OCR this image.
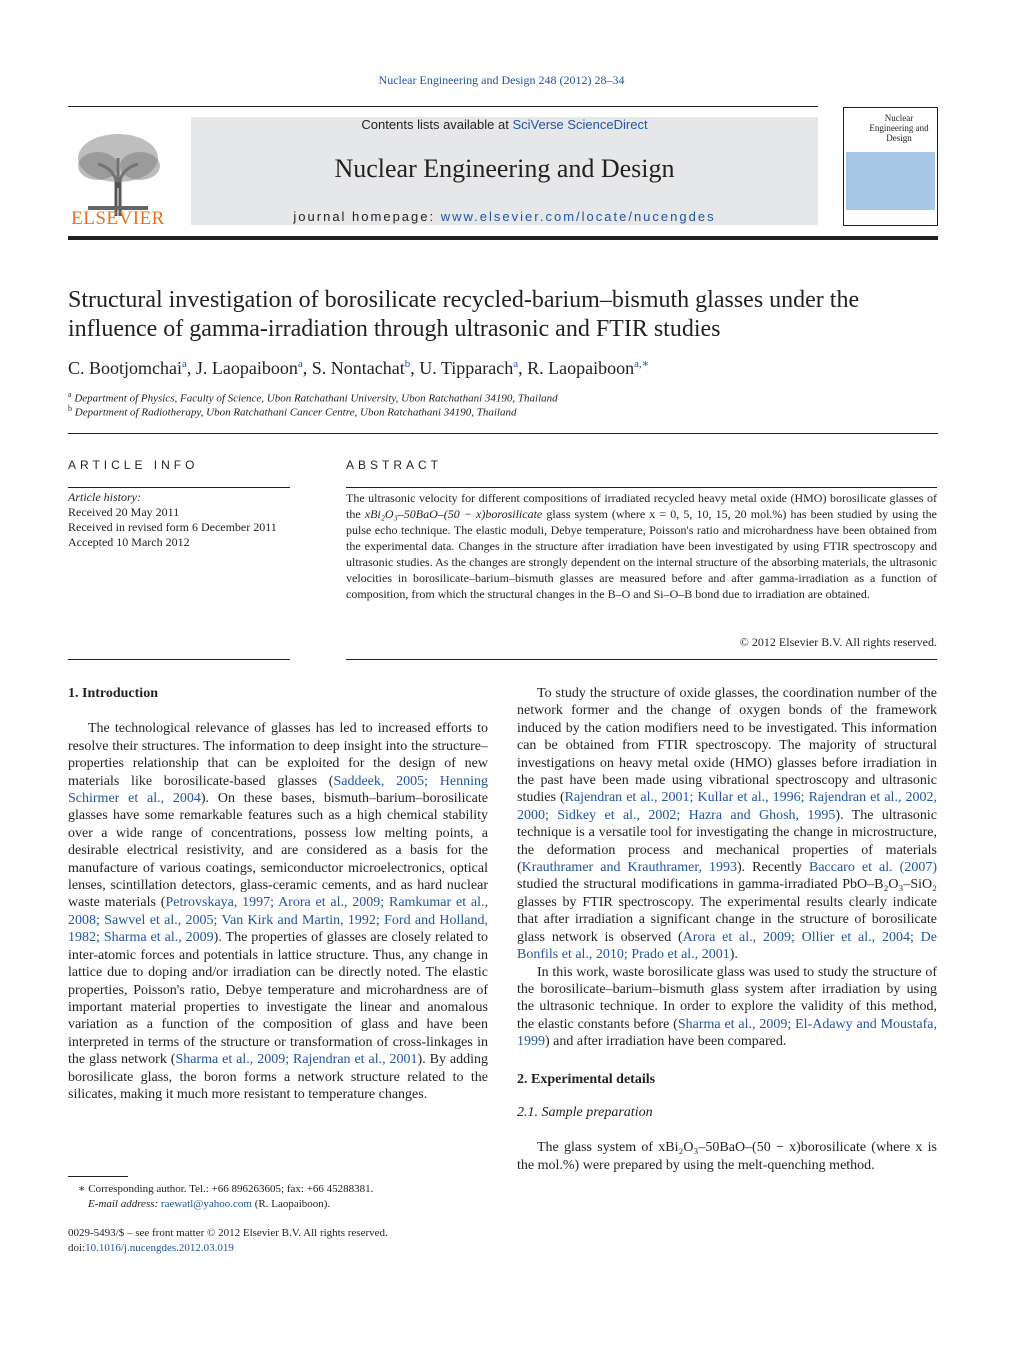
Nuclear Engineering and Design 248 (2012) 28–34
ELSEVIER
Contents lists available at SciVerse ScienceDirect
Nuclear Engineering and Design
journal homepage: www.elsevier.com/locate/nucengdes
Nuclear Engineering and Design
Structural investigation of borosilicate recycled-barium–bismuth glasses under the influence of gamma-irradiation through ultrasonic and FTIR studies
C. Bootjomchai$^a$, J. Laopaiboon$^a$, S. Nontachat$^b$, U. Tipparach$^a$, R. Laopaiboon$^{a,∗}$
$^a$ Department of Physics, Faculty of Science, Ubon Ratchathani University, Ubon Ratchathani 34190, Thailand
$^b$ Department of Radiotherapy, Ubon Ratchathani Cancer Centre, Ubon Ratchathani 34190, Thailand
ARTICLE INFO
Article history:
Received 20 May 2011
Received in revised form 6 December 2011
Accepted 10 March 2012
ABSTRACT
The ultrasonic velocity for different compositions of irradiated recycled heavy metal oxide (HMO) borosilicate glasses of the xBi₂O₃–50BaO–(50 − x)borosilicate glass system (where x = 0, 5, 10, 15, 20 mol.%) has been studied by using the pulse echo technique. The elastic moduli, Debye temperature, Poisson's ratio and microhardness have been obtained from the experimental data. Changes in the structure after irradiation have been investigated by using FTIR spectroscopy and ultrasonic studies. As the changes are strongly dependent on the internal structure of the absorbing materials, the ultrasonic velocities in borosilicate–barium–bismuth glasses are measured before and after gamma-irradiation as a function of composition, from which the structural changes in the B–O and Si–O–B bond due to irradiation are obtained.
© 2012 Elsevier B.V. All rights reserved.
1. Introduction

The technological relevance of glasses has led to increased efforts to resolve their structures. The information to deep insight into the structure–properties relationship that can be exploited for the design of new materials like borosilicate-based glasses (Saddeek, 2005; Henning Schirmer et al., 2004). On these bases, bismuth–barium–borosilicate glasses have some remarkable features such as a high chemical stability over a wide range of concentrations, possess low melting points, a desirable electrical resistivity, and are considered as a basis for the manufacture of various coatings, semiconductor microelectronics, optical lenses, scintillation detectors, glass-ceramic cements, and as hard nuclear waste materials (Petrovskaya, 1997; Arora et al., 2009; Ramkumar et al., 2008; Sawvel et al., 2005; Van Kirk and Martin, 1992; Ford and Holland, 1982; Sharma et al., 2009). The properties of glasses are closely related to inter-atomic forces and potentials in lattice structure. Thus, any change in lattice due to doping and/or irradiation can be directly noted. The elastic properties, Poisson's ratio, Debye temperature and microhardness are of important material properties to investigate the linear and anomalous variation as a function of the composition of glass and have been interpreted in terms of the structure or transformation of cross-linkages in the glass network (Sharma et al., 2009; Rajendran et al., 2001). By adding borosilicate glass, the boron forms a network structure related to the silicates, making it much more resistant to temperature changes.

To study the structure of oxide glasses, the coordination number of the network former and the change of oxygen bonds of the framework induced by the cation modifiers need to be investigated. This information can be obtained from FTIR spectroscopy. The majority of structural investigations on heavy metal oxide (HMO) glasses before irradiation in the past have been made using vibrational spectroscopy and ultrasonic studies (Rajendran et al., 2001; Kullar et al., 1996; Rajendran et al., 2002, 2000; Sidkey et al., 2002; Hazra and Ghosh, 1995). The ultrasonic technique is a versatile tool for investigating the change in microstructure, the deformation process and mechanical properties of materials (Krauthramer and Krauthramer, 1993). Recently Baccaro et al. (2007) studied the structural modifications in gamma-irradiated PbO–B₂O₃–SiO₂ glasses by FTIR spectroscopy. The experimental results clearly indicate that after irradiation a significant change in the structure of borosilicate glass network is observed (Arora et al., 2009; Ollier et al., 2004; De Bonfils et al., 2010; Prado et al., 2001).

In this work, waste borosilicate glass was used to study the structure of the borosilicate–barium–bismuth glass system after irradiation by using the ultrasonic technique. In order to explore the validity of this method, the elastic constants before (Sharma et al., 2009; El-Adawy and Moustafa, 1999) and after irradiation have been compared.

2. Experimental details
2.1. Sample preparation

The glass system of xBi₂O₃–50BaO–(50 − x)borosilicate (where x is the mol.%) were prepared by using the melt-quenching method.

∗ Corresponding author. Tel.: +66 896263605; fax: +66 45288381.
E-mail address: raewatl@yahoo.com (R. Laopaiboon).
0029-5493/$ – see front matter © 2012 Elsevier B.V. All rights reserved.
doi:10.1016/j.nucengdes.2012.03.019
